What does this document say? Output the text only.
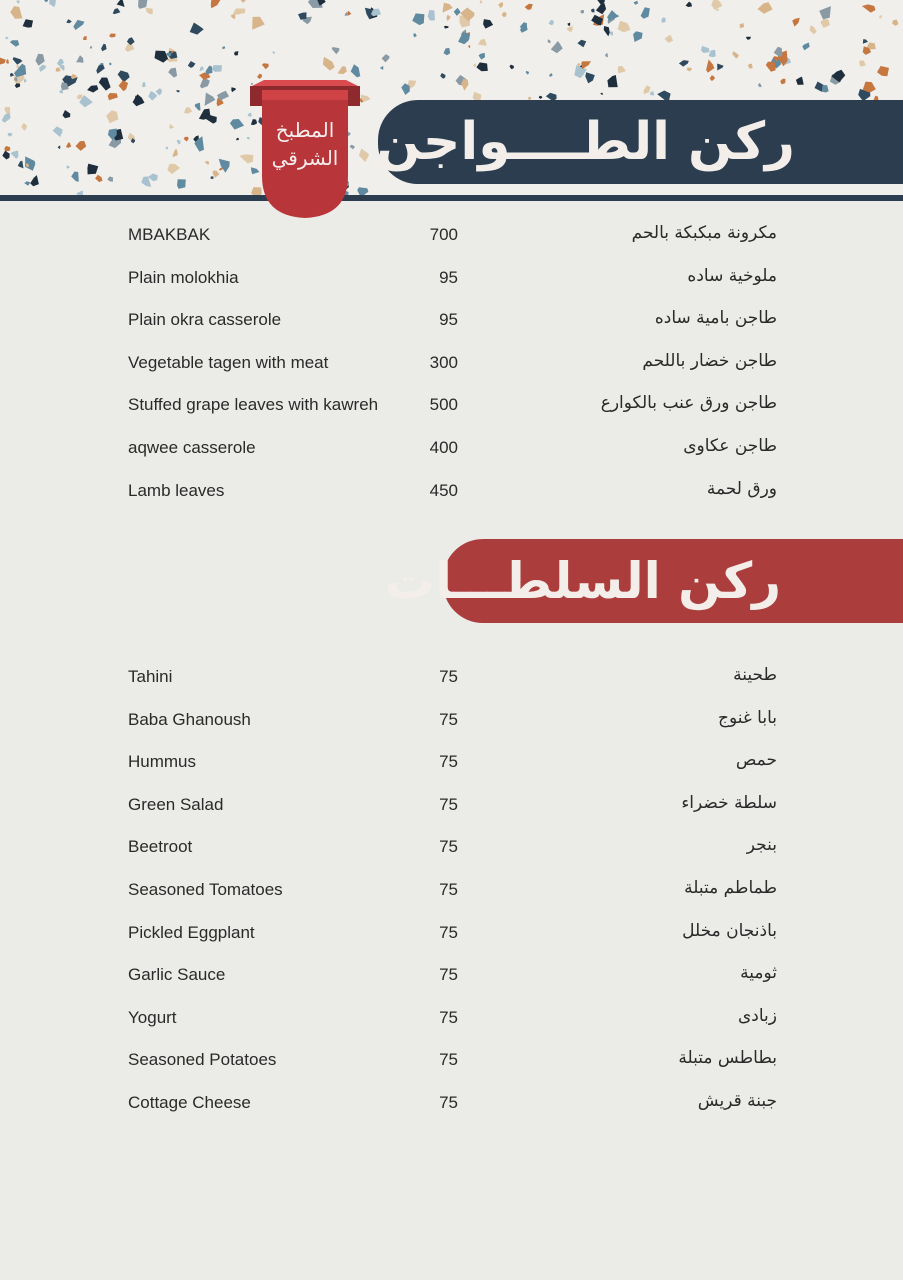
ركن الطــــواجن
المطبخ
الشرقي
MBAKBAK	700	مكرونة مبكبكة بالحم
Plain molokhia	95	ملوخية ساده
Plain okra casserole	95	طاجن بامية ساده
Vegetable tagen with meat	300	طاجن خضار باللحم
Stuffed grape leaves with kawreh	500	طاجن ورق عنب بالكوارع
aqwee casserole	400	طاجن عكاوى
Lamb leaves	450	ورق لحمة
ركن السلطـــات
Tahini	75	طحينة
Baba Ghanoush	75	بابا غنوج
Hummus	75	حمص
Green Salad	75	سلطة خضراء
Beetroot	75	بنجر
Seasoned Tomatoes	75	طماطم متبلة
Pickled Eggplant	75	باذنجان مخلل
Garlic Sauce	75	ثومية
Yogurt	75	زبادى
Seasoned Potatoes	75	بطاطس متبلة
Cottage Cheese	75	جبنة قريش
